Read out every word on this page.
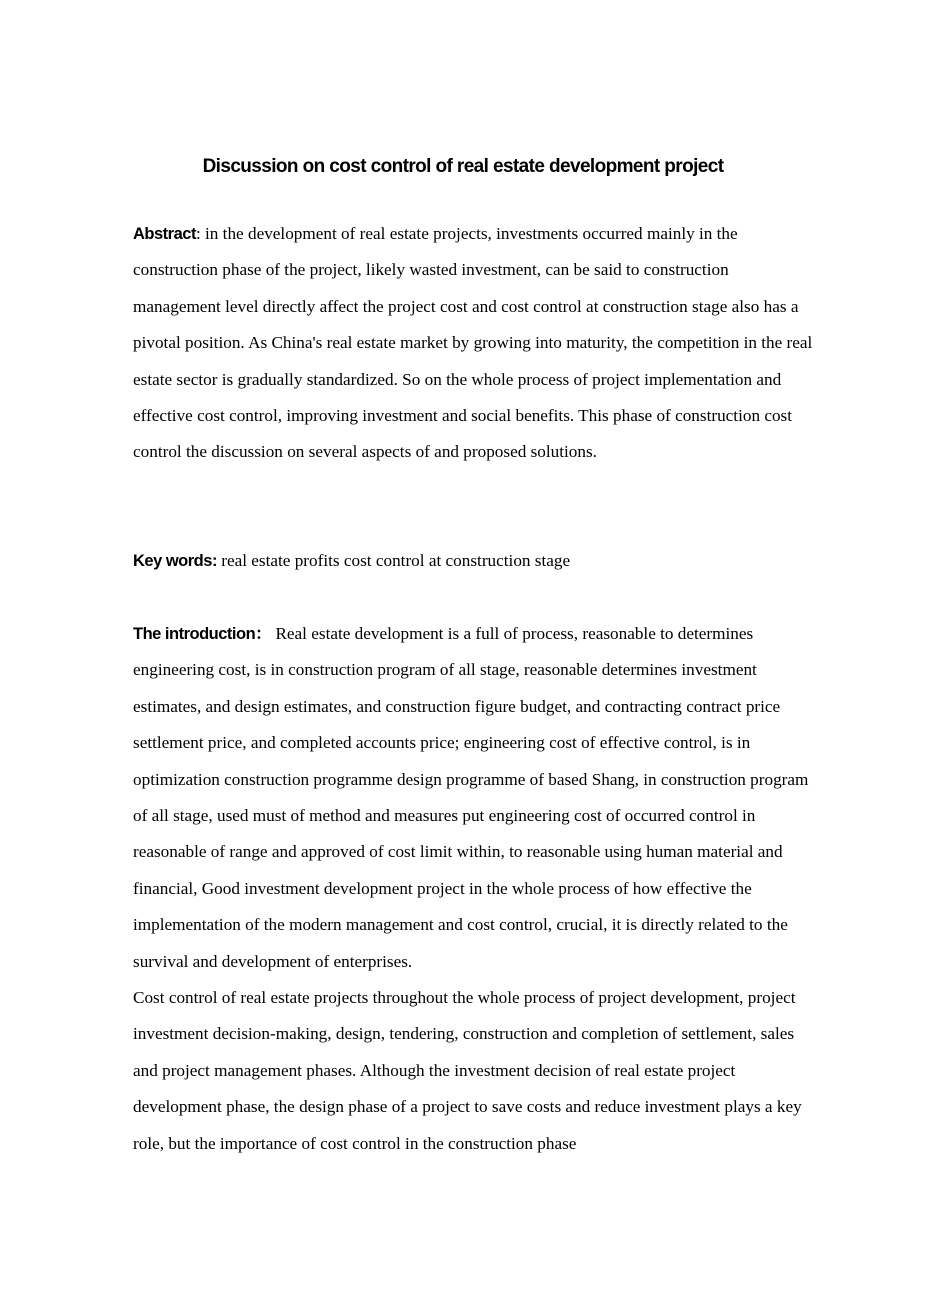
Discussion on cost control of real estate development project

Abstract: in the development of real estate projects, investments occurred mainly in the construction phase of the project, likely wasted investment, can be said to construction management level directly affect the project cost and cost control at construction stage also has a pivotal position. As China's real estate market by growing into maturity, the competition in the real estate sector is gradually standardized. So on the whole process of project implementation and effective cost control, improving investment and social benefits. This phase of construction cost control the discussion on several aspects of and proposed solutions.

Key words: real estate profits cost control at construction stage

The introduction： Real estate development is a full of process, reasonable to determines engineering cost, is in construction program of all stage, reasonable determines investment estimates, and design estimates, and construction figure budget, and contracting contract price settlement price, and completed accounts price; engineering cost of effective control, is in optimization construction programme design programme of based Shang, in construction program of all stage, used must of method and measures put engineering cost of occurred control in reasonable of range and approved of cost limit within, to reasonable using human material and financial, Good investment development project in the whole process of how effective the implementation of the modern management and cost control, crucial, it is directly related to the survival and development of enterprises.

Cost control of real estate projects throughout the whole process of project development, project investment decision-making, design, tendering, construction and completion of settlement, sales and project management phases. Although the investment decision of real estate project development phase, the design phase of a project to save costs and reduce investment plays a key role, but the importance of cost control in the construction phase
